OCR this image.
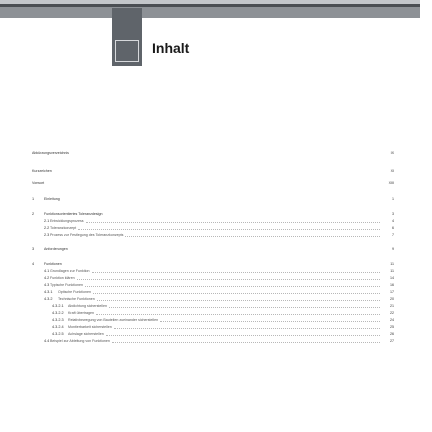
Inhalt
Abkürzungsverzeichnis	IX
Kurzzeichen	XI
Vorwort	XIII
1	Einleitung	1
2	Funktionsorientiertes Toleranzdesign	3
2.1 Entwicklungsprozess	4
2.2 Toleranzkonzept	6
2.3 Prozess zur Festlegung des Toleranzkonzepts	7
3	Anforderungen	9
4	Funktionen	11
4.1 Grundlagen zur Funktion	11
4.2 Funktion klären	14
4.3 Typische Funktionen	16
4.3.1 Optische Funktionen	17
4.3.2 Technische Funktionen	20
4.3.2.1 Abdichtung sicherstellen	21
4.3.2.2 Kraft übertragen	22
4.3.2.3 Relativbewegung von Bauteilen zueinander sicherstellen	24
4.3.2.4 Montierbarkeit sicherstellen	25
4.3.2.5 Achslage sicherstellen	26
4.4 Beispiel zur Ableitung von Funktionen	27
